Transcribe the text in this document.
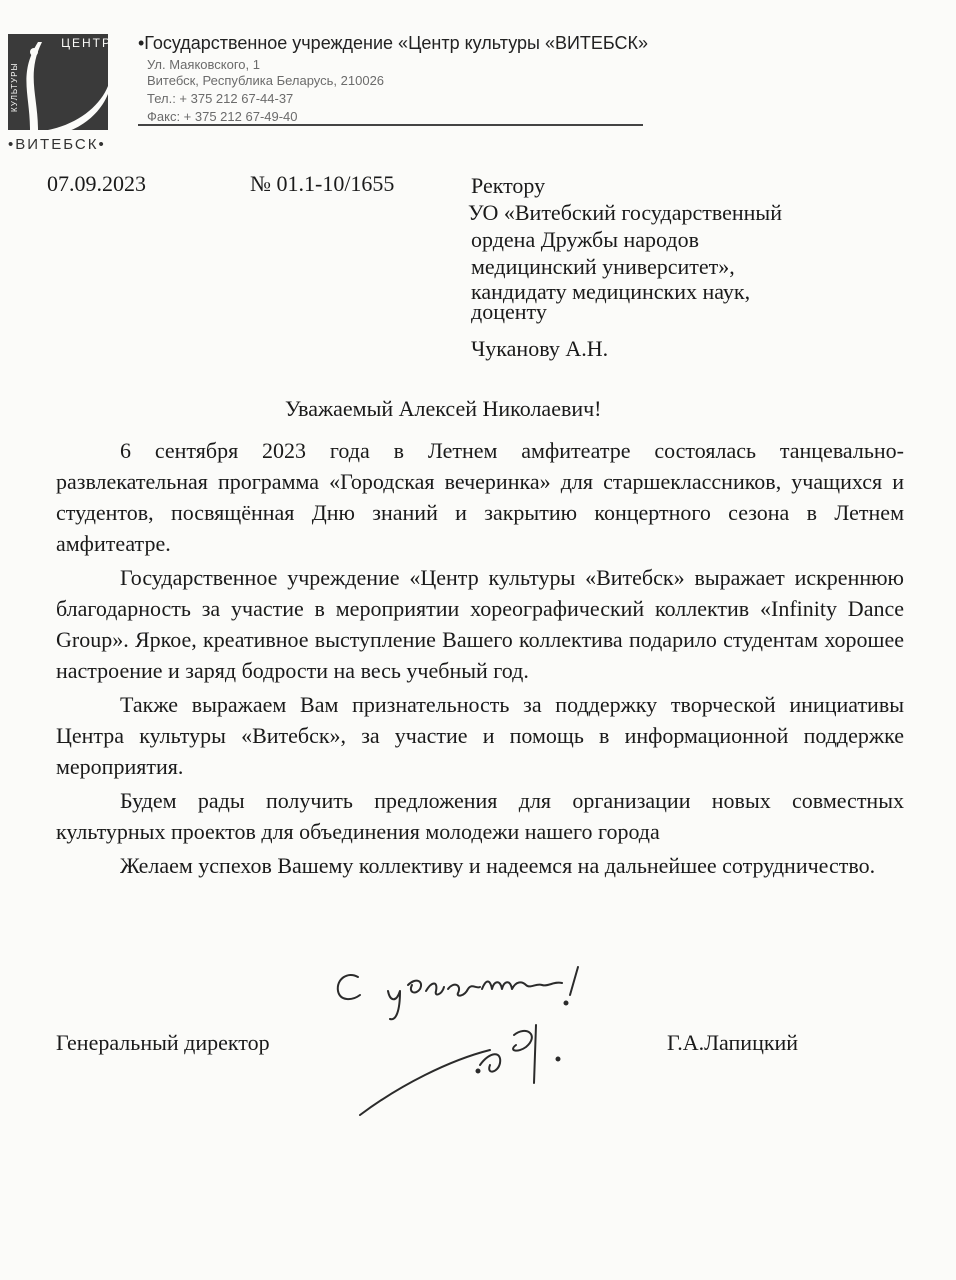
ЦЕНТР
КУЛЬТУРЫ
•ВИТЕБСК•
•Государственное учреждение «Центр культуры «ВИТЕБСК»
Ул. Маяковского, 1
Витебск, Республика Беларусь, 210026
Тел.: + 375 212 67-44-37
Факс: + 375 212 67-49-40
07.09.2023	№ 01.1-10/1655	Ректору
УО «Витебский государственный
ордена Дружбы народов
медицинский университет»,
кандидату медицинских наук,
доценту
Чуканову А.Н.
Уважаемый Алексей Николаевич!

6 сентября 2023 года в Летнем амфитеатре состоялась танцевально-развлекательная программа «Городская вечеринка» для старшеклассников, учащихся и студентов, посвящённая Дню знаний и закрытию концертного сезона в Летнем амфитеатре.

Государственное учреждение «Центр культуры «Витебск» выражает искреннюю благодарность за участие в мероприятии хореографический коллектив «Infinity Dance Group». Яркое, креативное выступление Вашего коллектива подарило студентам хорошее настроение и заряд бодрости на весь учебный год.

Также выражаем Вам признательность за поддержку творческой инициативы Центра культуры «Витебск», за участие и помощь в информационной поддержке мероприятия.

Будем рады получить предложения для организации новых совместных культурных проектов для объединения молодежи нашего города

Желаем успехов Вашему коллективу и надеемся на дальнейшее сотрудничество.

Генеральный директор	Г.А.Лапицкий
